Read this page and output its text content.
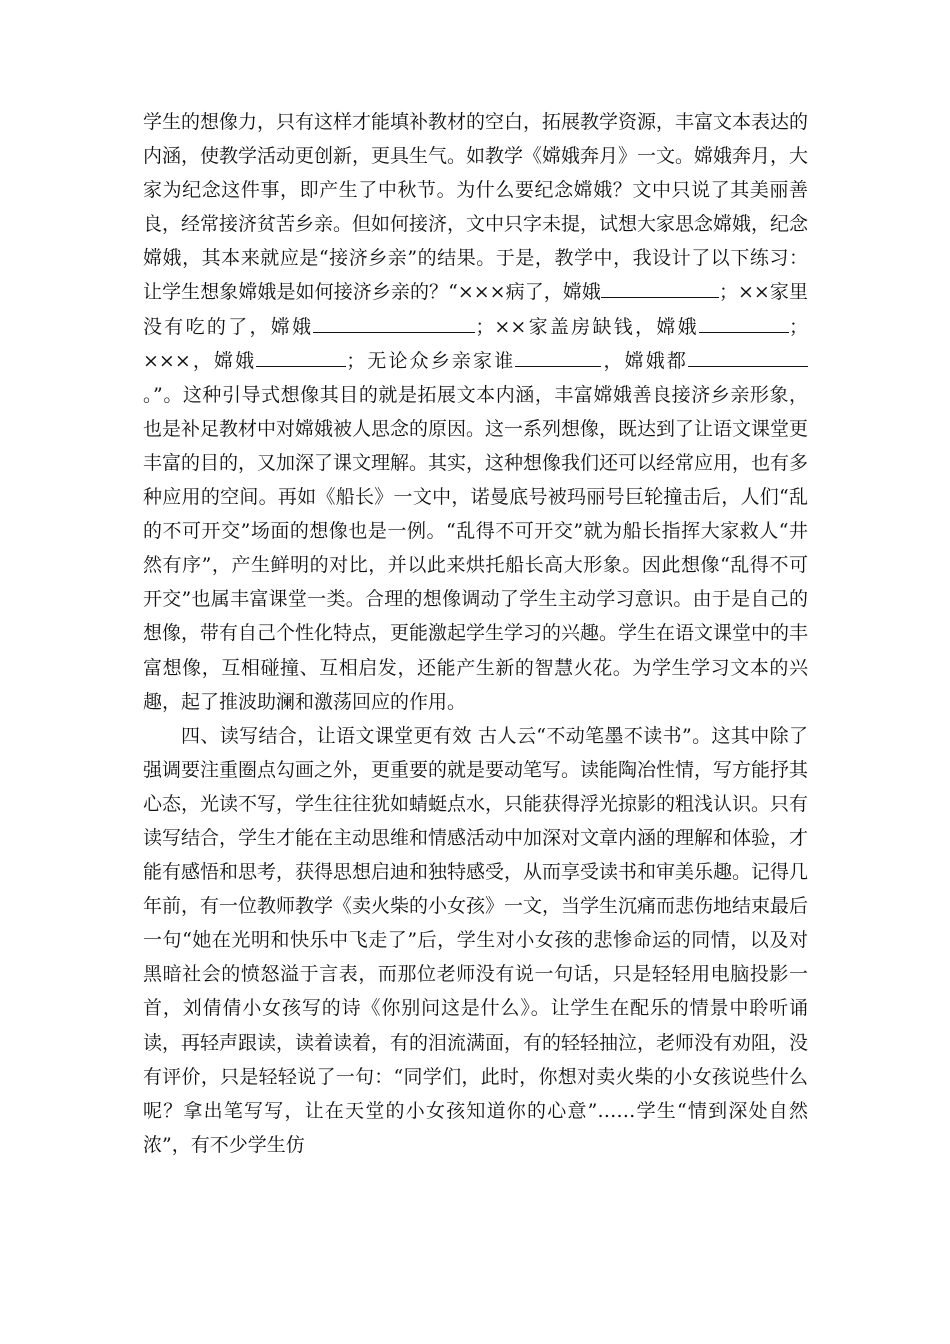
学生的想像力，只有这样才能填补教材的空白，拓展教学资源，丰富文本表达的内涵，使教学活动更创新，更具生气。如教学《嫦娥奔月》一文。嫦娥奔月，大家为纪念这件事，即产生了中秋节。为什么要纪念嫦娥？文中只说了其美丽善良，经常接济贫苦乡亲。但如何接济，文中只字未提，试想大家思念嫦娥，纪念嫦娥，其本来就应是“接济乡亲”的结果。于是，教学中，我设计了以下练习：让学生想象嫦娥是如何接济乡亲的？“×××病了，嫦娥	；××家里没有吃的了，嫦娥	；××家盖房缺钱，嫦娥	；×××，嫦娥	；无论众乡亲家谁	，嫦娥都。”。这种引导式想像其目的就是拓展文本内涵，丰富嫦娥善良接济乡亲形象，也是补足教材中对嫦娥被人思念的原因。这一系列想像，既达到了让语文课堂更丰富的目的，又加深了课文理解。其实，这种想像我们还可以经常应用，也有多种应用的空间。再如《船长》一文中，诺曼底号被玛丽号巨轮撞击后，人们“乱的不可开交”场面的想像也是一例。“乱得不可开交”就为船长指挥大家救人“井然有序”，产生鲜明的对比，并以此来烘托船长高大形象。因此想像“乱得不可开交”也属丰富课堂一类。合理的想像调动了学生主动学习意识。由于是自己的想像，带有自己个性化特点，更能激起学生学习的兴趣。学生在语文课堂中的丰富想像，互相碰撞、互相启发，还能产生新的智慧火花。为学生学习文本的兴趣，起了推波助澜和激荡回应的作用。

四、读写结合，让语文课堂更有效 古人云“不动笔墨不读书”。这其中除了强调要注重圈点勾画之外，更重要的就是要动笔写。读能陶冶性情，写方能抒其心态，光读不写，学生往往犹如蜻蜓点水，只能获得浮光掠影的粗浅认识。只有读写结合，学生才能在主动思维和情感活动中加深对文章内涵的理解和体验，才能有感悟和思考，获得思想启迪和独特感受，从而享受读书和审美乐趣。记得几年前，有一位教师教学《卖火柴的小女孩》一文，当学生沉痛而悲伤地结束最后一句“她在光明和快乐中飞走了”后，学生对小女孩的悲惨命运的同情，以及对黑暗社会的愤怒溢于言表，而那位老师没有说一句话，只是轻轻用电脑投影一首，刘倩倩小女孩写的诗《你别问这是什么》。让学生在配乐的情景中聆听诵读，再轻声跟读，读着读着，有的泪流满面，有的轻轻抽泣，老师没有劝阻，没有评价，只是轻轻说了一句：“同学们，此时，你想对卖火柴的小女孩说些什么呢？拿出笔写写，让在天堂的小女孩知道你的心意”……学生“情到深处自然浓”，有不少学生仿
